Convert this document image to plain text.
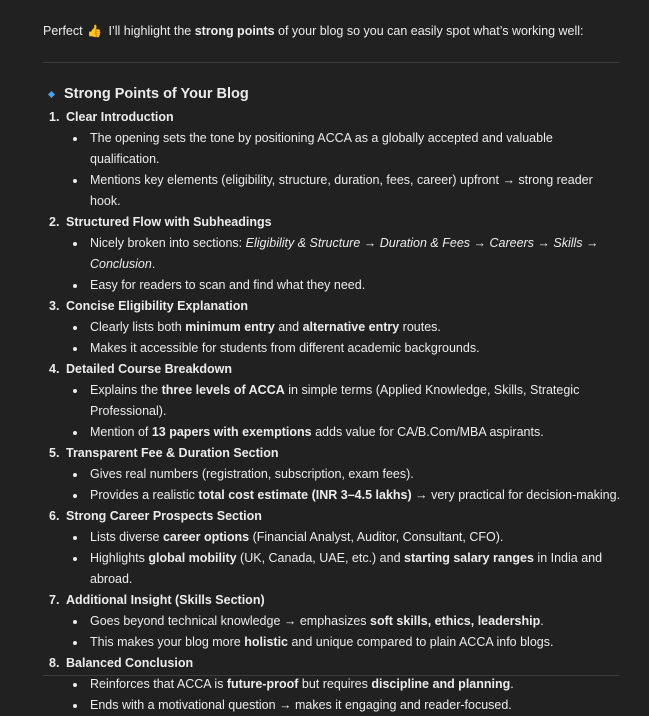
Perfect 👍 I’ll highlight the strong points of your blog so you can easily spot what’s working well:

Strong Points of Your Blog
1. Clear Introduction
The opening sets the tone by positioning ACCA as a globally accepted and valuable qualification.
Mentions key elements (eligibility, structure, duration, fees, career) upfront → strong reader hook.
2. Structured Flow with Subheadings
Nicely broken into sections: Eligibility & Structure → Duration & Fees → Careers → Skills → Conclusion.
Easy for readers to scan and find what they need.
3. Concise Eligibility Explanation
Clearly lists both minimum entry and alternative entry routes.
Makes it accessible for students from different academic backgrounds.
4. Detailed Course Breakdown
Explains the three levels of ACCA in simple terms (Applied Knowledge, Skills, Strategic Professional).
Mention of 13 papers with exemptions adds value for CA/B.Com/MBA aspirants.
5. Transparent Fee & Duration Section
Gives real numbers (registration, subscription, exam fees).
Provides a realistic total cost estimate (INR 3–4.5 lakhs) → very practical for decision-making.
6. Strong Career Prospects Section
Lists diverse career options (Financial Analyst, Auditor, Consultant, CFO).
Highlights global mobility (UK, Canada, UAE, etc.) and starting salary ranges in India and abroad.
7. Additional Insight (Skills Section)
Goes beyond technical knowledge → emphasizes soft skills, ethics, leadership.
This makes your blog more holistic and unique compared to plain ACCA info blogs.
8. Balanced Conclusion
Reinforces that ACCA is future-proof but requires discipline and planning.
Ends with a motivational question → makes it engaging and reader-focused.
